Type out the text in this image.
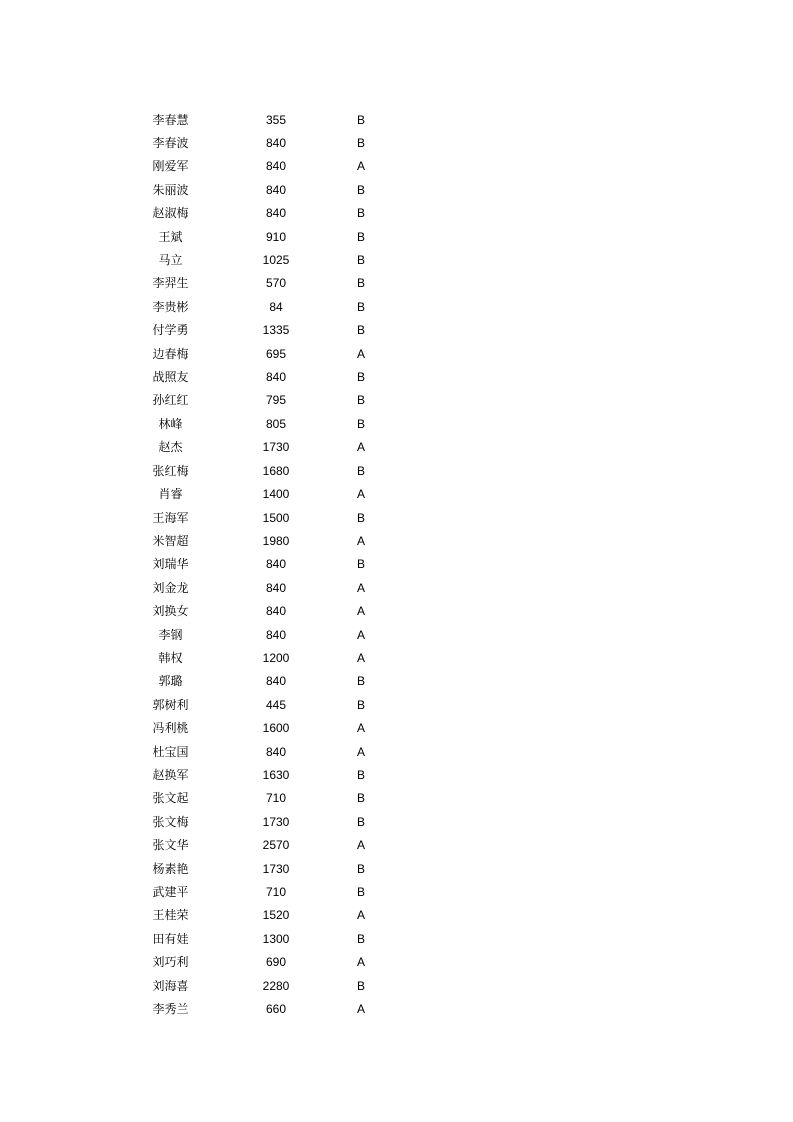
李春慧	355	B
李春波	840	B
刚爱军	840	A
朱丽波	840	B
赵淑梅	840	B
王斌	910	B
马立	1025	B
李羿生	570	B
李贵彬	84	B
付学勇	1335	B
边春梅	695	A
战照友	840	B
孙红红	795	B
林峰	805	B
赵杰	1730	A
张红梅	1680	B
肖睿	1400	A
王海军	1500	B
米智超	1980	A
刘瑞华	840	B
刘金龙	840	A
刘换女	840	A
李钢	840	A
韩权	1200	A
郭璐	840	B
郭树利	445	B
冯利桃	1600	A
杜宝国	840	A
赵换军	1630	B
张文起	710	B
张文梅	1730	B
张文华	2570	A
杨素艳	1730	B
武建平	710	B
王桂荣	1520	A
田有娃	1300	B
刘巧利	690	A
刘海喜	2280	B
李秀兰	660	A
